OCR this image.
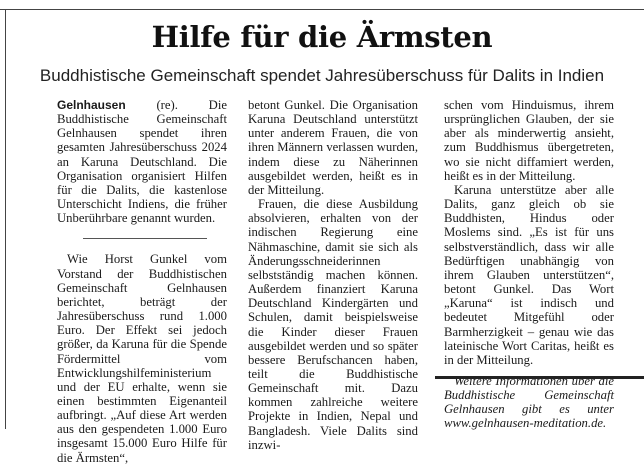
Hilfe für die Ärmsten
Buddhistische Gemeinschaft spendet Jahresüberschuss für Dalits in Indien

Gelnhausen (re). Die Buddhistische Gemeinschaft Gelnhausen spendet ihren gesamten Jahresüberschuss 2024 an Karuna Deutschland. Die Organisation organisiert Hilfen für die Dalits, die kastenlose Unterschicht Indiens, die früher Unberührbare genannt wurden.

Wie Horst Gunkel vom Vorstand der Buddhistischen Gemeinschaft Gelnhausen berichtet, beträgt der Jahresüberschuss rund 1.000 Euro. Der Effekt sei jedoch größer, da Karuna für die Spende Fördermittel vom Entwicklungshilfeministerium und der EU erhalte, wenn sie einen bestimmten Eigenanteil aufbringt. „Auf diese Art werden aus den gespendeten 1.000 Euro insgesamt 15.000 Euro Hilfe für die Ärmsten“,

betont Gunkel. Die Organisation Karuna Deutschland unterstützt unter anderem Frauen, die von ihren Männern verlassen wurden, indem diese zu Näherinnen ausgebildet werden, heißt es in der Mitteilung.

Frauen, die diese Ausbildung absolvieren, erhalten von der indischen Regierung eine Nähmaschine, damit sie sich als Änderungsschneiderinnen selbstständig machen können. Außerdem finanziert Karuna Deutschland Kindergärten und Schulen, damit beispielsweise die Kinder dieser Frauen ausgebildet werden und so später bessere Berufschancen haben, teilt die Buddhistische Gemeinschaft mit. Dazu kommen zahlreiche weitere Projekte in Indien, Nepal und Bangladesh. Viele Dalits sind inzwi-

schen vom Hinduismus, ihrem ursprünglichen Glauben, der sie aber als minderwertig ansieht, zum Buddhismus übergetreten, wo sie nicht diffamiert werden, heißt es in der Mitteilung.

Karuna unterstütze aber alle Dalits, ganz gleich ob sie Buddhisten, Hindus oder Moslems sind. „Es ist für uns selbstverständlich, dass wir alle Bedürftigen unabhängig von ihrem Glauben unterstützen“, betont Gunkel. Das Wort „Karuna“ ist indisch und bedeutet Mitgefühl oder Barmherzigkeit – genau wie das lateinische Wort Caritas, heißt es in der Mitteilung.

Weitere Informationen über die Buddhistische Gemeinschaft Gelnhausen gibt es unter www.gelnhausen-meditation.de.
